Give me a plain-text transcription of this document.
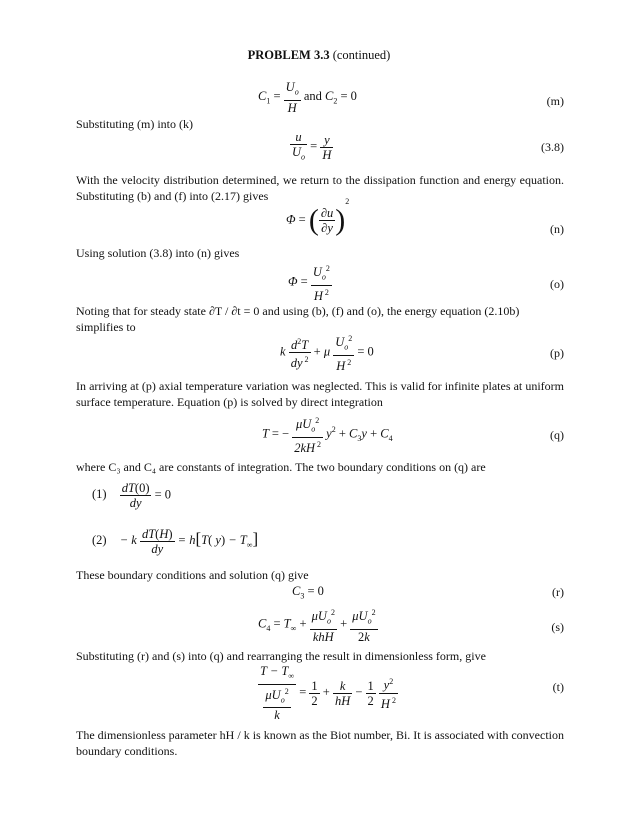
PROBLEM 3.3 (continued)
$C_1 = \frac{U_o}{H}$ and $C_2 = 0$	(m)
Substituting (m) into (k)
$\frac{u}{U_o} = \frac{y}{H}$	(3.8)
With the velocity distribution determined, we return to the dissipation function and energy equation. Substituting (b) and (f) into (2.17) gives
Φ = ( $\frac{\partial u}{\partial y} )^2$
(n)
Using solution (3.8) into (n) gives
$\Phi = \frac{U_o^2}{H ^2}$	(o)
Noting that for steady state ∂T / ∂t = 0 and using (b), (f) and (o), the energy equation (2.10b)
simplifies to
k $\frac{d^2T}{dy ^2} + \mu \frac{U_o^2}{H ^2} = 0$	(p)
In arriving at (p) axial temperature variation was neglected. This is valid for infinite plates at uniform surface temperature. Equation (p) is solved by direct integration
T = − $\frac{\mu U_o^2}{2kH ^2} y^2 + C_3y + C_4$	(q)
where C₃ and C₄ are constants of integration. The two boundary conditions on (q) are
$(1) \frac{dT(0)}{dy} = 0$
(2) − k $\frac{dT(H)}{dy} = h[T$( $y) - T_\infty$]
These boundary conditions and solution (q) give
$C_3 = 0$	(r)
$C_4 = T_\infty + \frac{\mu U_o^2}{\text{khH}} + \frac{\mu U_o^2}{2k}$	(s)
Substituting (r) and (s) into (q) and rearranging the result in dimensionless form, give
$\frac{T - T_\infty}{\frac{\mu U_o^2}{k}} = \frac{1}{2} + \frac{k}{hH} - \frac{1}{2}$
$\frac{y^2}{H ^2}$	(t)
The dimensionless parameter hH / k is known as the Biot number, Bi. It is associated with convection boundary conditions.
